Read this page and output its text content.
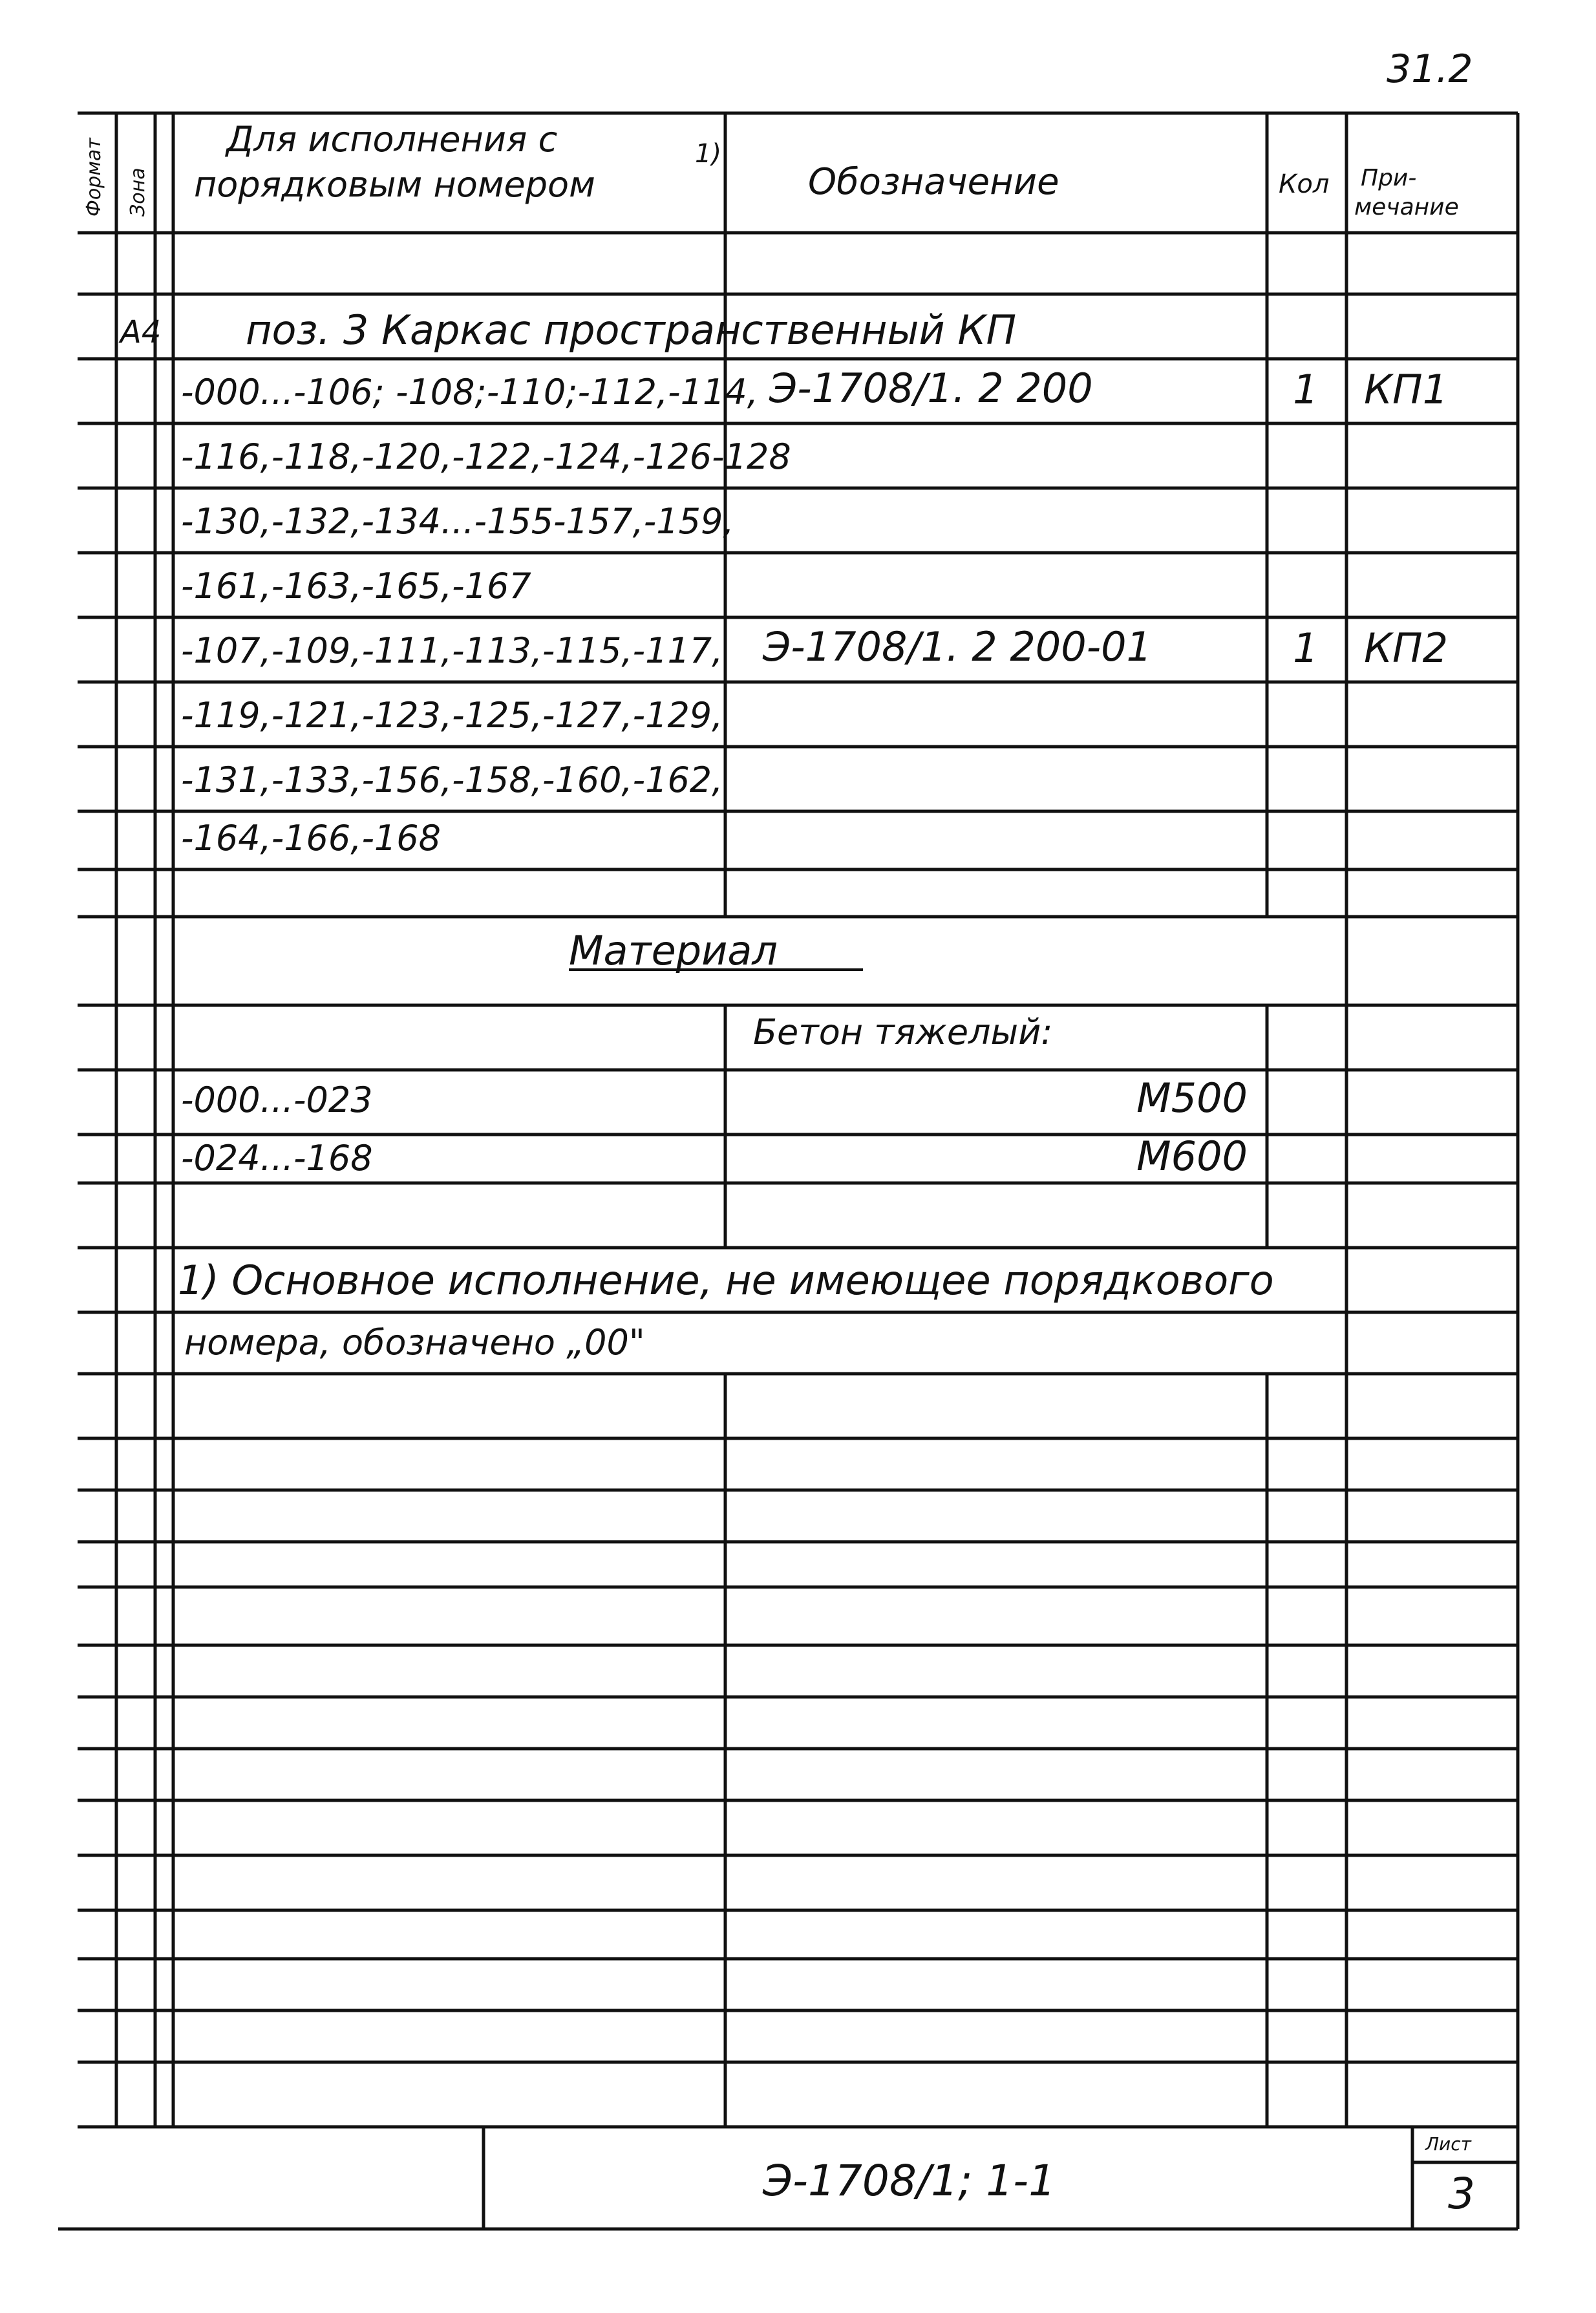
31.2
Формат Зона
Для исполнения с
порядковым номером
1)
Обозначение	Кол При-
мечание
А4 поз. 3 Каркас пространственный КП
-000...-106; -108;-110;-112,-114, Э-1708/1. 2 200	1 КП1
-116,-118,-120,-122,-124,-126-128
-130,-132,-134...-155-157,-159,
-161,-163,-165,-167
-107,-109,-111,-113,-115,-117, Э-1708/1. 2 200-01	1 КП2
-119,-121,-123,-125,-127,-129,
-131,-133,-156,-158,-160,-162,
-164,-166,-168
Материал
Бетон тяжелый:
-000...-023	М500
-024...-168	М600
1) Основное исполнение, не имеющее порядкового
номера, обозначено „00"
Э-1708/1; 1-1
Лист
3
